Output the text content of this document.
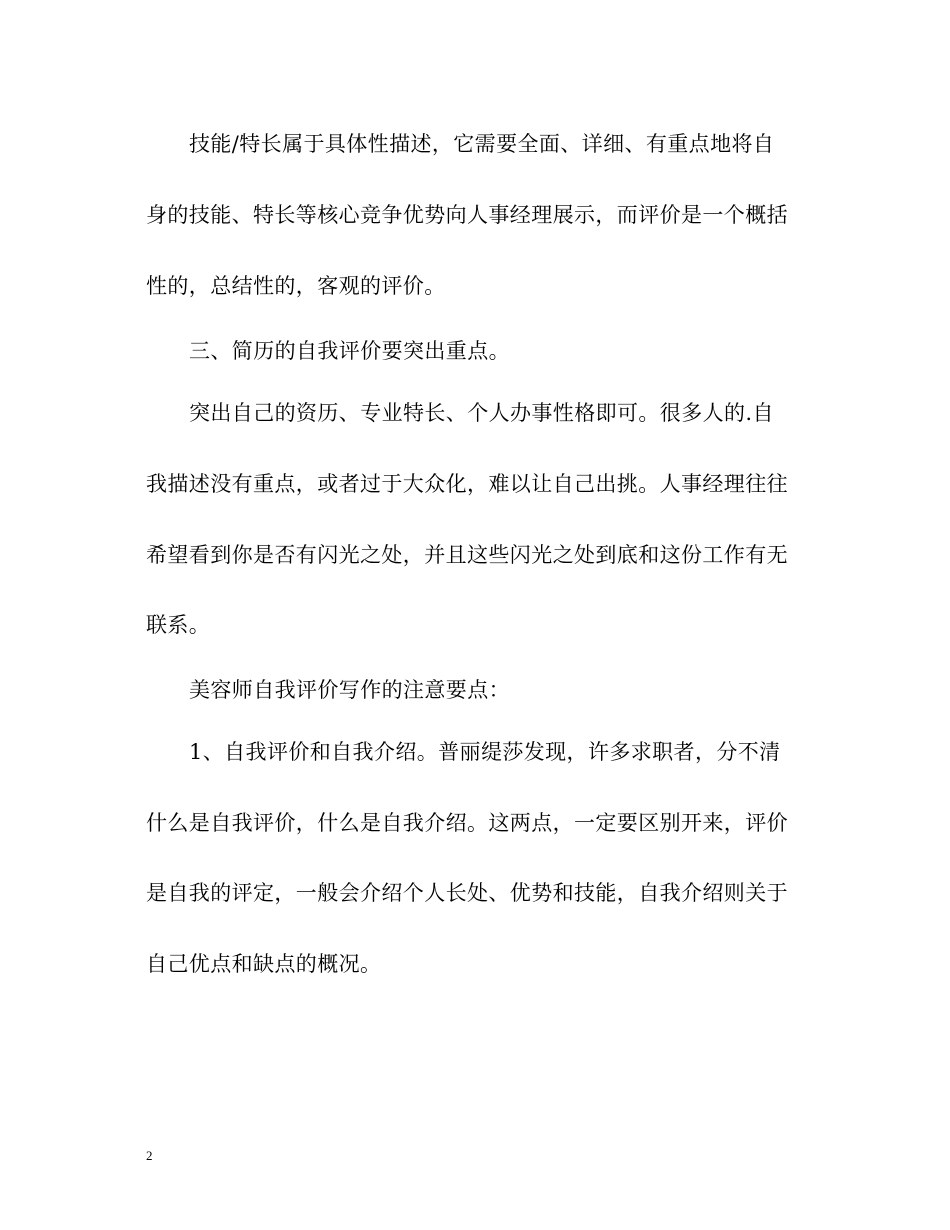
技能/特长属于具体性描述，它需要全面、详细、有重点地将自
身的技能、特长等核心竞争优势向人事经理展示，而评价是一个概括
性的，总结性的，客观的评价。
三、简历的自我评价要突出重点。
突出自己的资历、专业特长、个人办事性格即可。很多人的.自
我描述没有重点，或者过于大众化，难以让自己出挑。人事经理往往
希望看到你是否有闪光之处，并且这些闪光之处到底和这份工作有无
联系。
美容师自我评价写作的注意要点：
1、自我评价和自我介绍。普丽缇莎发现，许多求职者，分不清
什么是自我评价，什么是自我介绍。这两点，一定要区别开来，评价
是自我的评定，一般会介绍个人长处、优势和技能，自我介绍则关于
自己优点和缺点的概况。
2
